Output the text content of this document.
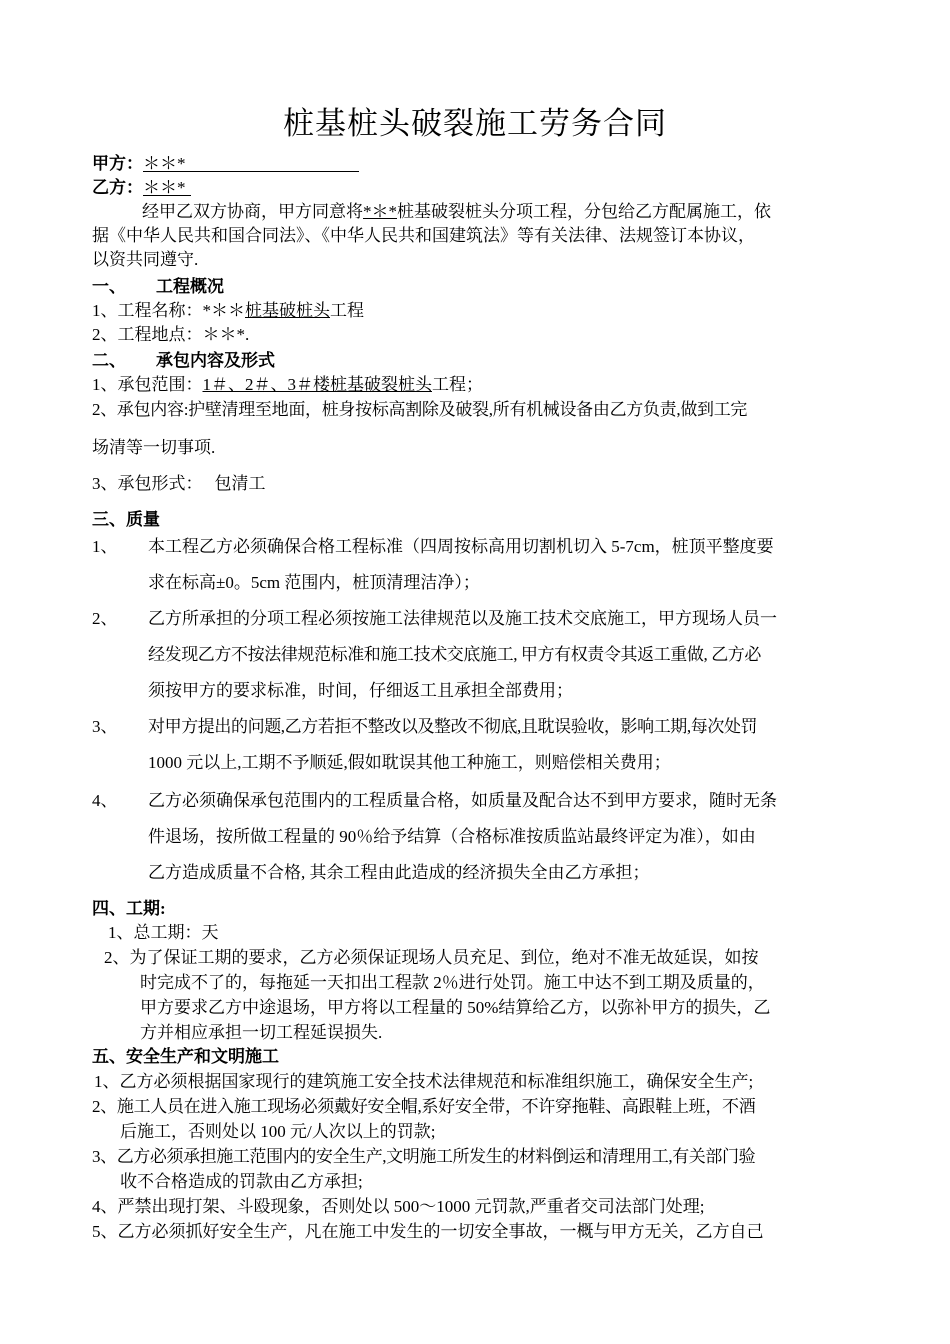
桩基桩头破裂施工劳务合同
甲方：＊＊*
乙方：＊＊*
经甲乙双方协商，甲方同意将*＊*桩基破裂桩头分项工程，分包给乙方配属施工，依
据《中华人民共和国合同法》、《中华人民共和国建筑法》等有关法律、法规签订本协议，
以资共同遵守.
一、 工程概况
1、工程名称：*＊＊桩基破桩头工程
2、工程地点：＊＊*.
二、 承包内容及形式
1、承包范围：1＃、2＃、3＃楼桩基破裂桩头工程；
2、承包内容:护壁清理至地面，桩身按标高割除及破裂,所有机械设备由乙方负责,做到工完
场清等一切事项.
3、承包形式： 包清工
三、质量
1、 本工程乙方必须确保合格工程标准（四周按标高用切割机切入 5-7cm，桩顶平整度要
求在标高±0。5cm 范围内，桩顶清理洁净）；
2、 乙方所承担的分项工程必须按施工法律规范以及施工技术交底施工，甲方现场人员一
经发现乙方不按法律规范标准和施工技术交底施工, 甲方有权责令其返工重做, 乙方必
须按甲方的要求标准，时间，仔细返工且承担全部费用；
3、 对甲方提出的问题,乙方若拒不整改以及整改不彻底,且耽误验收，影响工期,每次处罚
1000 元以上,工期不予顺延,假如耽误其他工种施工，则赔偿相关费用；
4、 乙方必须确保承包范围内的工程质量合格，如质量及配合达不到甲方要求，随时无条
件退场，按所做工程量的 90％给予结算（合格标准按质监站最终评定为准），如由
乙方造成质量不合格, 其余工程由此造成的经济损失全由乙方承担；
四、工期:
1、总工期：天
2、为了保证工期的要求，乙方必须保证现场人员充足、到位，绝对不准无故延误，如按
时完成不了的，每拖延一天扣出工程款 2％进行处罚。施工中达不到工期及质量的，
甲方要求乙方中途退场，甲方将以工程量的 50%结算给乙方，以弥补甲方的损失，乙
方并相应承担一切工程延误损失.
五、安全生产和文明施工
1、乙方必须根据国家现行的建筑施工安全技术法律规范和标准组织施工，确保安全生产;
2、施工人员在进入施工现场必须戴好安全帽,系好安全带，不许穿拖鞋、高跟鞋上班，不酒
后施工，否则处以 100 元/人次以上的罚款;
3、乙方必须承担施工范围内的安全生产,文明施工所发生的材料倒运和清理用工,有关部门验
收不合格造成的罚款由乙方承担;
4、严禁出现打架、斗殴现象，否则处以 500～1000 元罚款,严重者交司法部门处理;
5、乙方必须抓好安全生产，凡在施工中发生的一切安全事故，一概与甲方无关，乙方自己
